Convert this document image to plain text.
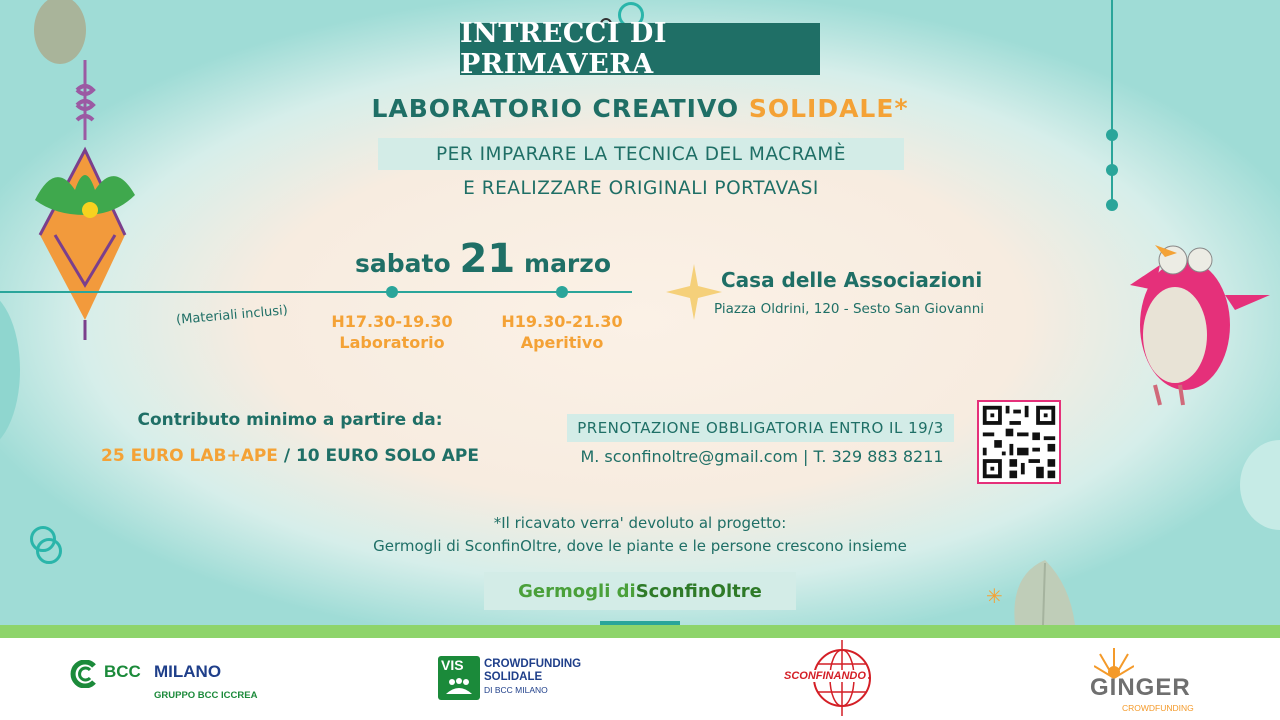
✳
INTRECCI DI PRIMAVERA
LABORATORIO CREATIVO SOLIDALE*
PER IMPARARE LA TECNICA DEL MACRAMÈ
E REALIZZARE ORIGINALI PORTAVASI
sabato 21 marzo
(Materiali inclusi)	H17.30-19.30
Laboratorio
H19.30-21.30
Aperitivo
Casa delle Associazioni
Piazza Oldrini, 120 - Sesto San Giovanni
Contributo minimo a partire da:
25 EURO LAB+APE / 10 EURO SOLO APE
PRENOTAZIONE OBBLIGATORIA ENTRO IL 19/3
M. sconfinoltre@gmail.com | T. 329 883 8211
*Il ricavato verra' devoluto al progetto:
Germogli di SconfinOltre, dove le piante e le persone crescono insieme
Germogli di SconfinOltre
BCC MILANO
GRUPPO BCC ICCREA
VIS CROWDFUNDING
SOLIDALE
DI BCC MILANO
SCONFINANDO	GINGER
CROWDFUNDING
